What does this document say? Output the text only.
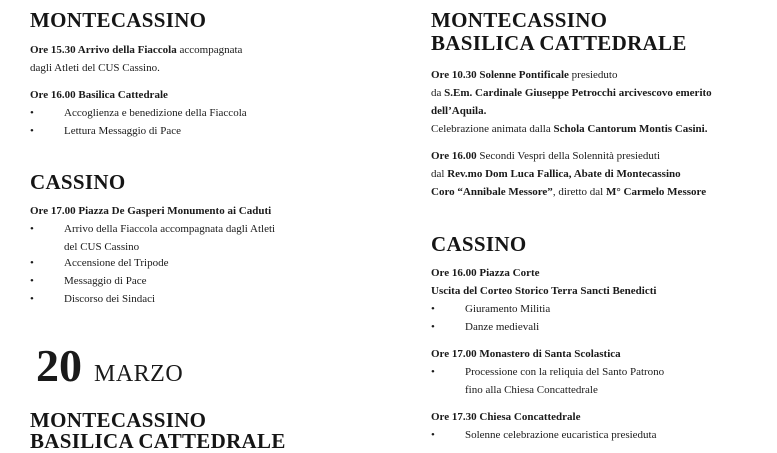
MONTECASSINO

Ore 15.30 Arrivo della Fiaccola accompagnata

dagli Atleti del CUS Cassino.

Ore 16.00 Basilica Cattedrale

•	Accoglienza e benedizione della Fiaccola
•	Lettura Messaggio di Pace
CASSINO

Ore 17.00 Piazza De Gasperi Monumento ai Caduti

•	Arrivo della Fiaccola accompagnata dagli Atleti

del CUS Cassino

•	Accensione del Tripode
•	Messaggio di Pace
•	Discorso dei Sindaci
20 MARZO
MONTECASSINO
BASILICA CATTEDRALE
MONTECASSINO
BASILICA CATTEDRALE

Ore 10.30 Solenne Pontificale presieduto

da S.Em. Cardinale Giuseppe Petrocchi arcivescovo emerito

dell’Aquila.

Celebrazione animata dalla Schola Cantorum Montis Casini.

Ore 16.00 Secondi Vespri della Solennità presieduti

dal Rev.mo Dom Luca Fallica, Abate di Montecassino

Coro “Annibale Messore”, diretto dal M° Carmelo Messore

CASSINO

Ore 16.00 Piazza Corte

Uscita del Corteo Storico Terra Sancti Benedicti

•	Giuramento Militia
•	Danze medievali

Ore 17.00 Monastero di Santa Scolastica

•	Processione con la reliquia del Santo Patrono

fino alla Chiesa Concattedrale

Ore 17.30 Chiesa Concattedrale

•	Solenne celebrazione eucaristica presieduta
